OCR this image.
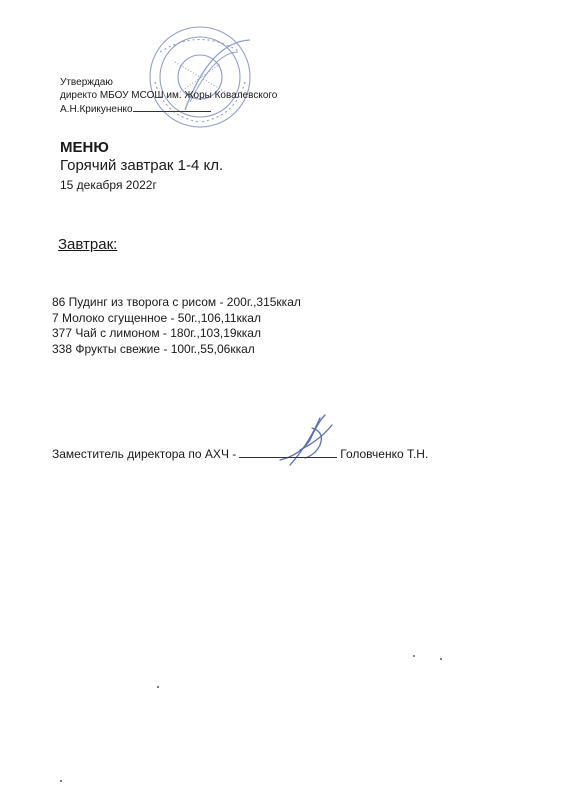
Утверждаю
директо МБОУ МСОШ им. Жоры Ковалевского
А.Н.Крикуненко
МЕНЮ
Горячий завтрак 1-4 кл.
15 декабря 2022г
Завтрак:
86 Пудинг из творога с рисом - 200г.,315ккал
7 Молоко сгущенное - 50г.,106,11ккал
377 Чай с лимоном - 180г.,103,19ккал
338 Фрукты свежие - 100г.,55,06ккал
Заместитель директора по АХЧ -	Головченко Т.Н.
